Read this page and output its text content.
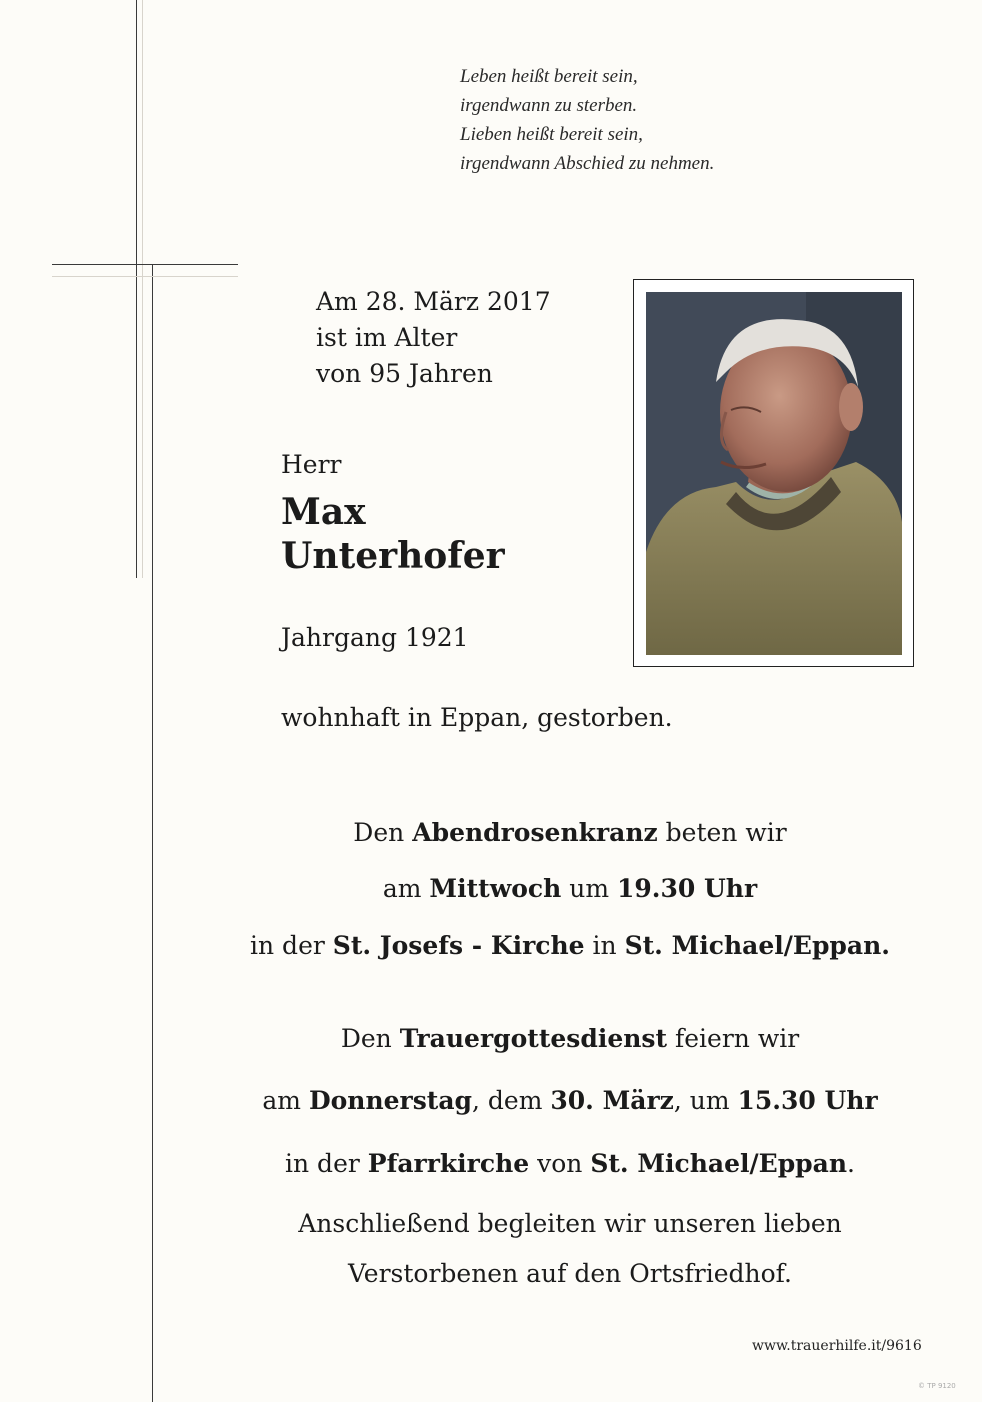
Leben heißt bereit sein,
irgendwann zu sterben.
Lieben heißt bereit sein,
irgendwann Abschied zu nehmen.
Am 28. März 2017
ist im Alter
von 95 Jahren
Herr
Max
Unterhofer
Jahrgang 1921
wohnhaft in Eppan, gestorben.
Den Abendrosenkranz beten wir
am Mittwoch um 19.30 Uhr
in der St. Josefs - Kirche in St. Michael/Eppan.
Den Trauergottesdienst feiern wir
am Donnerstag, dem 30. März, um 15.30 Uhr
in der Pfarrkirche von St. Michael/Eppan.
Anschließend begleiten wir unseren lieben
Verstorbenen auf den Ortsfriedhof.
www.trauerhilfe.it/9616
© TP 9120
